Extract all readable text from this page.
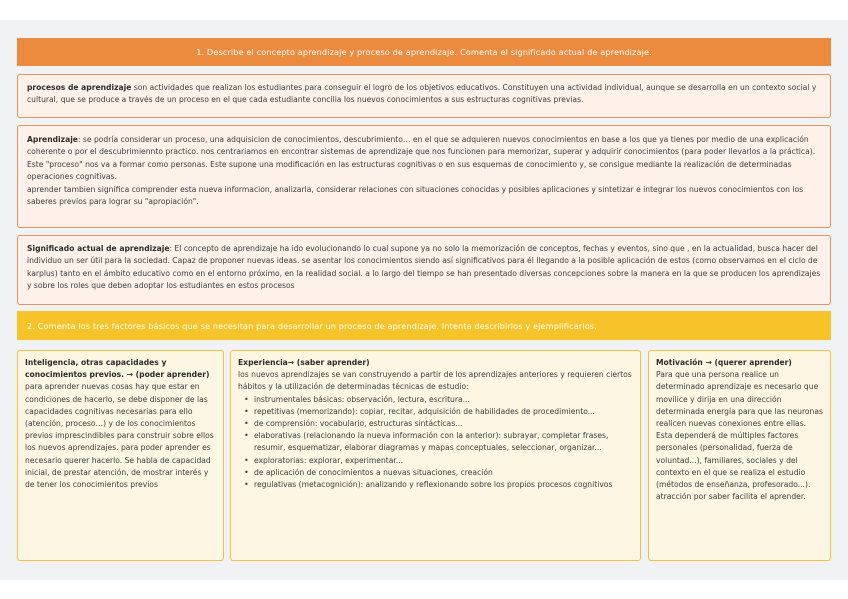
1. Describe el concepto aprendizaje y proceso de aprendizaje. Comenta el significado actual de aprendizaje.
procesos de aprendizaje son actividades que realizan los estudiantes para conseguir el logro de los objetivos educativos. Constituyen una actividad individual, aunque se desarrolla en un contexto social y cultural, que se produce a través de un proceso en el que cada estudiante concilia los nuevos conocimientos a sus estructuras cognitivas previas.
Aprendizaje: se podría considerar un proceso, una adquisicion de conocimientos, descubrimiento… en el que se adquieren nuevos conocimientos en base a los que ya tienes por medio de una explicación coherente o por el descubrimiennto practico. nos centrariamos en encontrar sistemas de aprendizaje que nos funcionen para memorizar, superar y adquirir conocimientos (para poder llevarlos a la práctica). Este "proceso" nos va a formar como personas. Este supone una modificación en las estructuras cognitivas o en sus esquemas de conocimiento y, se consigue mediante la realización de determinadas operaciones cognitivas.
aprender tambien significa comprender esta nueva informacion, analizarla, considerar relaciones con situaciones conocidas y posibles aplicaciones y sintetizar e integrar los nuevos conocimientos con los saberes previos para lograr su "apropiación".
Significado actual de aprendizaje: El concepto de aprendizaje ha ido evolucionando lo cual supone ya no solo la memorización de conceptos, fechas y eventos, sino que , en la actualidad, busca hacer del individuo un ser útil para la sociedad. Capaz de proponer nuevas ideas. se asentar los conocimientos siendo así significativos para él llegando a la posible aplicación de estos (como observamos en el ciclo de karplus) tanto en el ámbito educativo como en el entorno próximo, en la realidad social. a lo largo del tiempo se han presentado diversas concepciones sobre la manera en la que se producen los aprendizajes y sobre los roles que deben adoptar los estudiantes en estos procesos
2. Comenta los tres factores básicos que se necesitan para desarrollar un proceso de aprendizaje. Intenta describirlos y ejemplificarlos.
Inteligencia, otras capacidades y conocimientos previos. → (poder aprender)
para aprender nuevas cosas hay que estar en condiciones de hacerlo, se debe disponer de las capacidades cognitivas necesarias para ello (atención, proceso…) y de los conocimientos previos imprescindibles para construir sobre ellos los nuevos aprendizajes. para poder aprender es necesario querer hacerlo. Se habla de capacidad inicial, de prestar atención, de mostrar interés y de tener los conocimientos previos
Experiencia→ (saber aprender)
los nuevos aprendizajes se van construyendo a partir de los aprendizajes anteriores y requieren ciertos hábitos y la utilización de determinadas técnicas de estudio:
• instrumentales básicas: observación, lectura, escritura...
• repetitivas (memorizando): copiar, recitar, adquisición de habilidades de procedimiento...
• de comprensión: vocabulario, estructuras sintácticas...
• elaborativas (relacionando la nueva información con la anterior): subrayar, completar frases, resumir, esquematizar, elaborar diagramas y mapas conceptuales, seleccionar, organizar...
• exploratorias: explorar, experimentar...
• de aplicación de conocimientos a nuevas situaciones, creación
• regulativas (metacognición): analizando y reflexionando sobre los propios procesos cognitivos
Motivación → (querer aprender)
Para que una persona realice un determinado aprendizaje es necesario que movilice y dirija en una dirección determinada energía para que las neuronas realicen nuevas conexiones entre ellas. Esta dependerá de múltiples factores personales (personalidad, fuerza de voluntad...), familiares, sociales y del contexto en el que se realiza el estudio (métodos de enseñanza, profesorado...). atracción por saber facilita el aprender.
